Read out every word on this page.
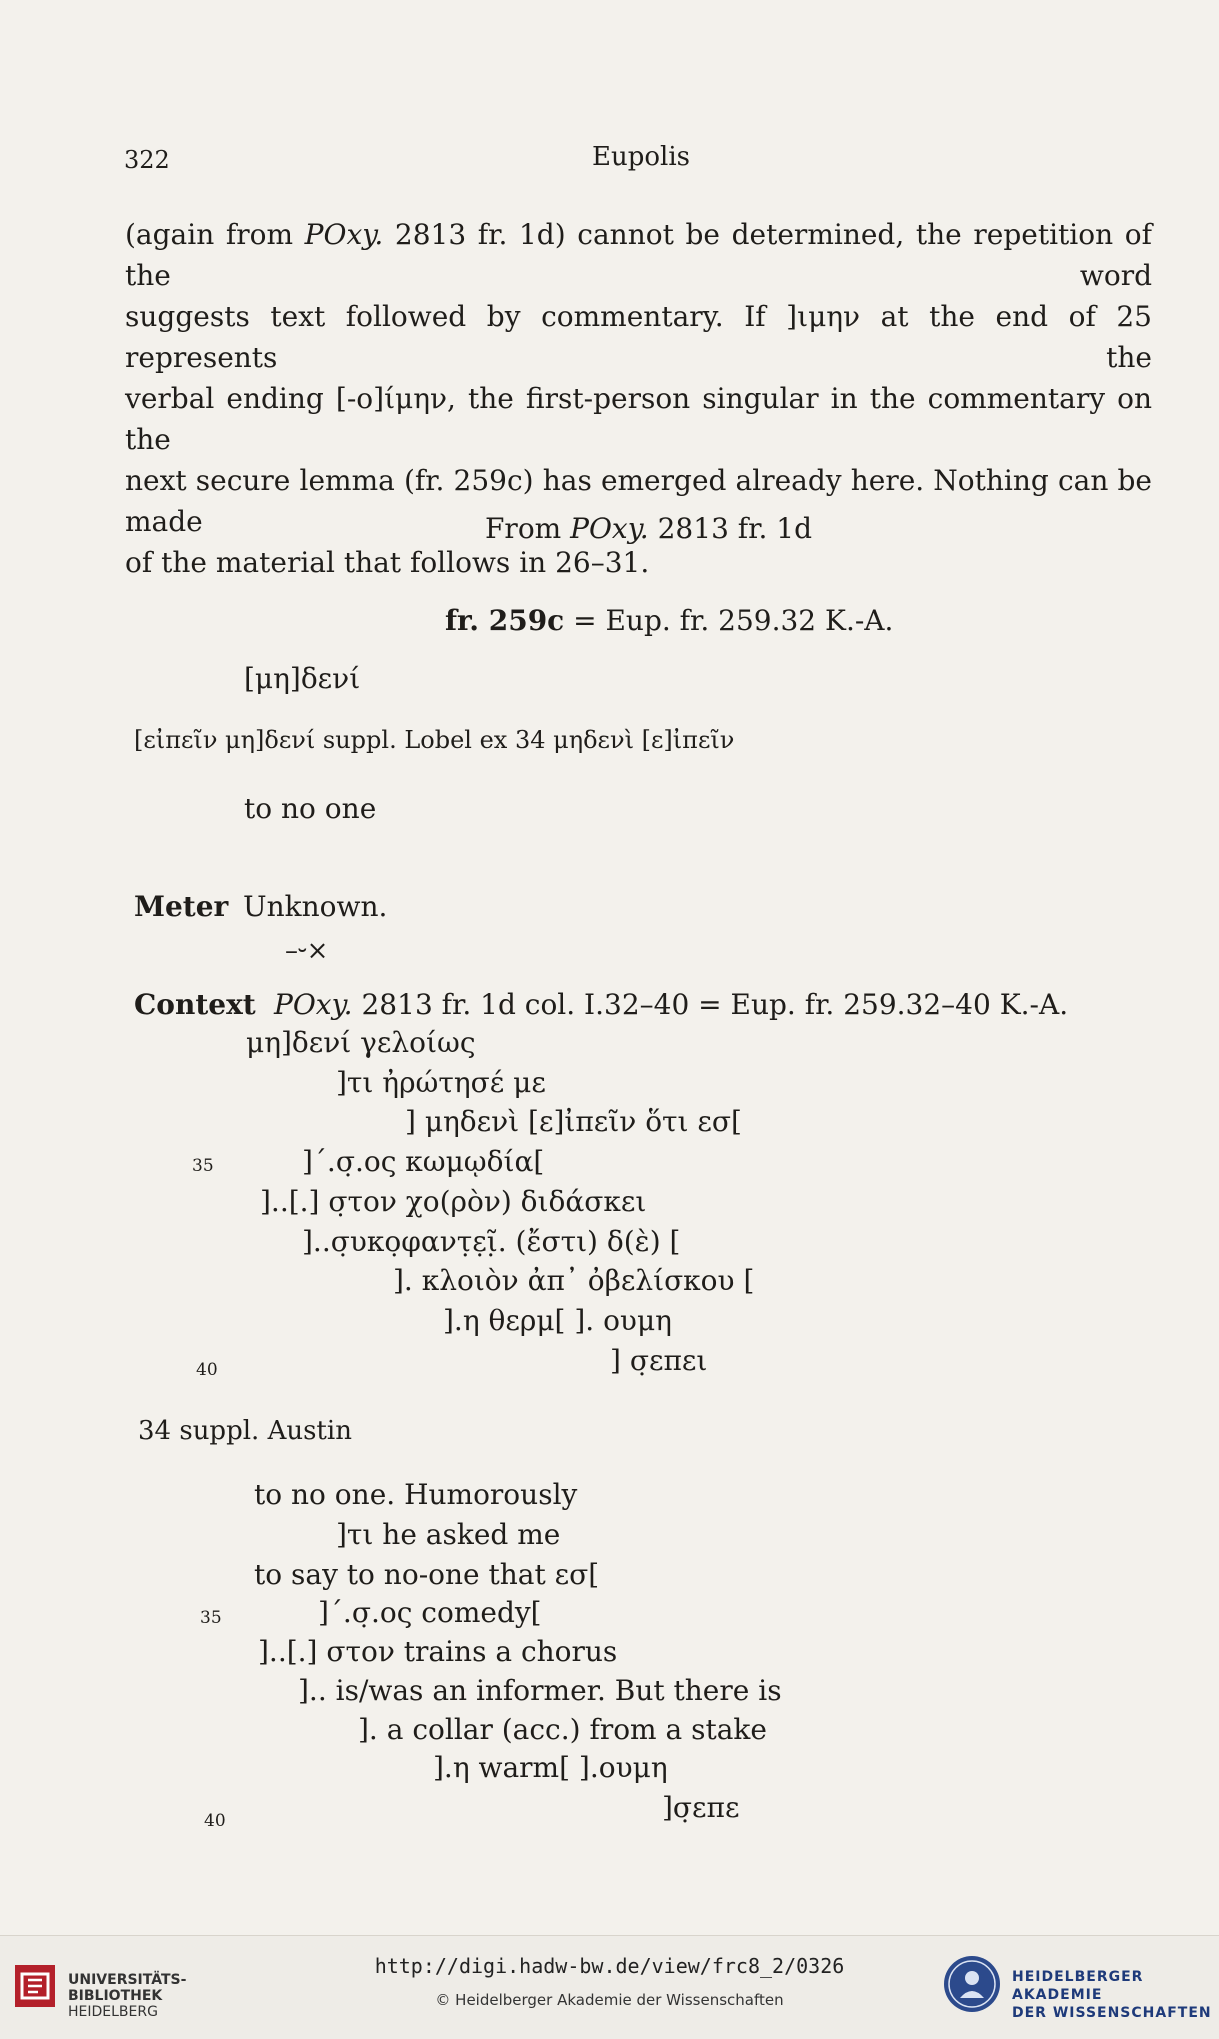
322	Eupolis
(again from POxy. 2813 fr. 1d) cannot be determined, the repetition of the word
suggests text followed by commentary. If ]ιμην at the end of 25 represents the
verbal ending [-ο]ίμην, the first-person singular in the commentary on the
next secure lemma (fr. 259c) has emerged already here. Nothing can be made
of the material that follows in 26–31.
From POxy. 2813 fr. 1d
fr. 259c = Eup. fr. 259.32 K.-A.
[μη]δενί
[εἰπεῖν μη]δενί suppl. Lobel ex 34 μηδενὶ [ε]ἰπεῖν
to no one
Meter Unknown.
–⏑×
Context POxy. 2813 fr. 1d col. I.32–40 = Eup. fr. 259.32–40 K.-A.
μη]δενί γελοίως
]τι ἠρώτησέ με
] μηδενὶ [ε]ἰπεῖν ὅτι εσ[
35	]΄.σ̣.ος κωμῳδία[
]..[.] σ̣τον χο(ρὸν) διδάσκει
]..σ̣υκο̣φαντ̣ε̣ῖ̣. (ἔστι) δ(ὲ) [
]. κλοιὸν ἀπ᾽ ὀβελίσκου [
].η θερμ[ ]. ουμη
40	] σ̣επει
34 suppl. Austin
to no one. Humorously
]τι he asked me
to say to no-one that εσ[
35	]΄.σ̣.ος comedy[
]..[.] στον trains a chorus
].. is/was an informer. But there is
]. a collar (acc.) from a stake
].η warm[ ].ουμη
40	]σ̣επε
UNIVERSITÄTS-
BIBLIOTHEK
HEIDELBERG
http://digi.hadw-bw.de/view/frc8_2/0326
© Heidelberger Akademie der Wissenschaften
HEIDELBERGER AKADEMIE
DER WISSENSCHAFTEN
